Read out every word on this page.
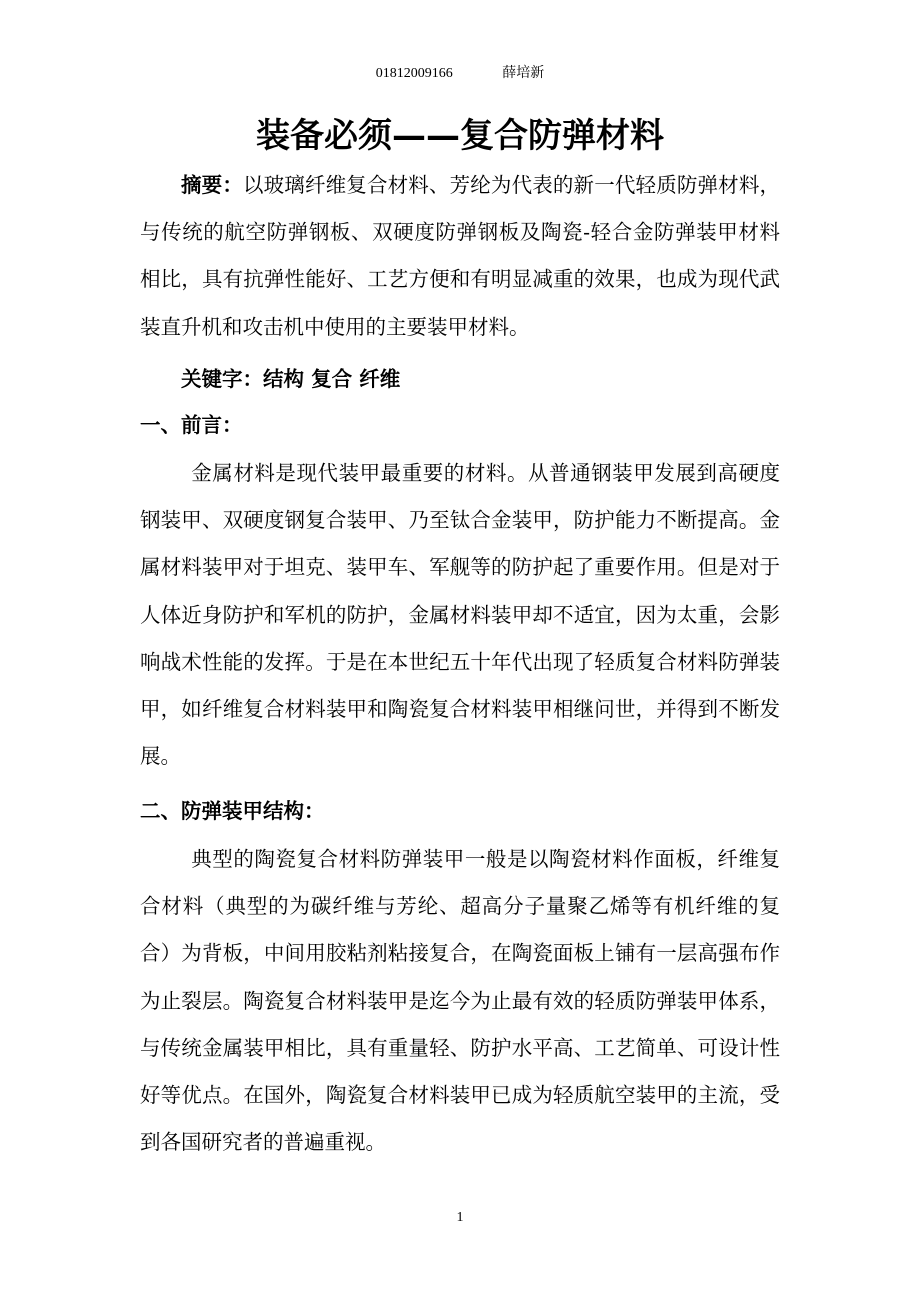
01812009166	薛培新
装备必须——复合防弹材料

摘要：以玻璃纤维复合材料、芳纶为代表的新一代轻质防弹材料，与传统的航空防弹钢板、双硬度防弹钢板及陶瓷-轻合金防弹装甲材料相比，具有抗弹性能好、工艺方便和有明显减重的效果，也成为现代武装直升机和攻击机中使用的主要装甲材料。

关键字：结构 复合 纤维

一、前言：

金属材料是现代装甲最重要的材料。从普通钢装甲发展到高硬度钢装甲、双硬度钢复合装甲、乃至钛合金装甲，防护能力不断提高。金属材料装甲对于坦克、装甲车、军舰等的防护起了重要作用。但是对于人体近身防护和军机的防护，金属材料装甲却不适宜，因为太重，会影响战术性能的发挥。于是在本世纪五十年代出现了轻质复合材料防弹装甲，如纤维复合材料装甲和陶瓷复合材料装甲相继问世，并得到不断发展。

二、防弹装甲结构：

典型的陶瓷复合材料防弹装甲一般是以陶瓷材料作面板，纤维复合材料（典型的为碳纤维与芳纶、超高分子量聚乙烯等有机纤维的复合）为背板，中间用胶粘剂粘接复合，在陶瓷面板上铺有一层高强布作为止裂层。陶瓷复合材料装甲是迄今为止最有效的轻质防弹装甲体系，与传统金属装甲相比，具有重量轻、防护水平高、工艺简单、可设计性好等优点。在国外，陶瓷复合材料装甲已成为轻质航空装甲的主流，受到各国研究者的普遍重视。

1
